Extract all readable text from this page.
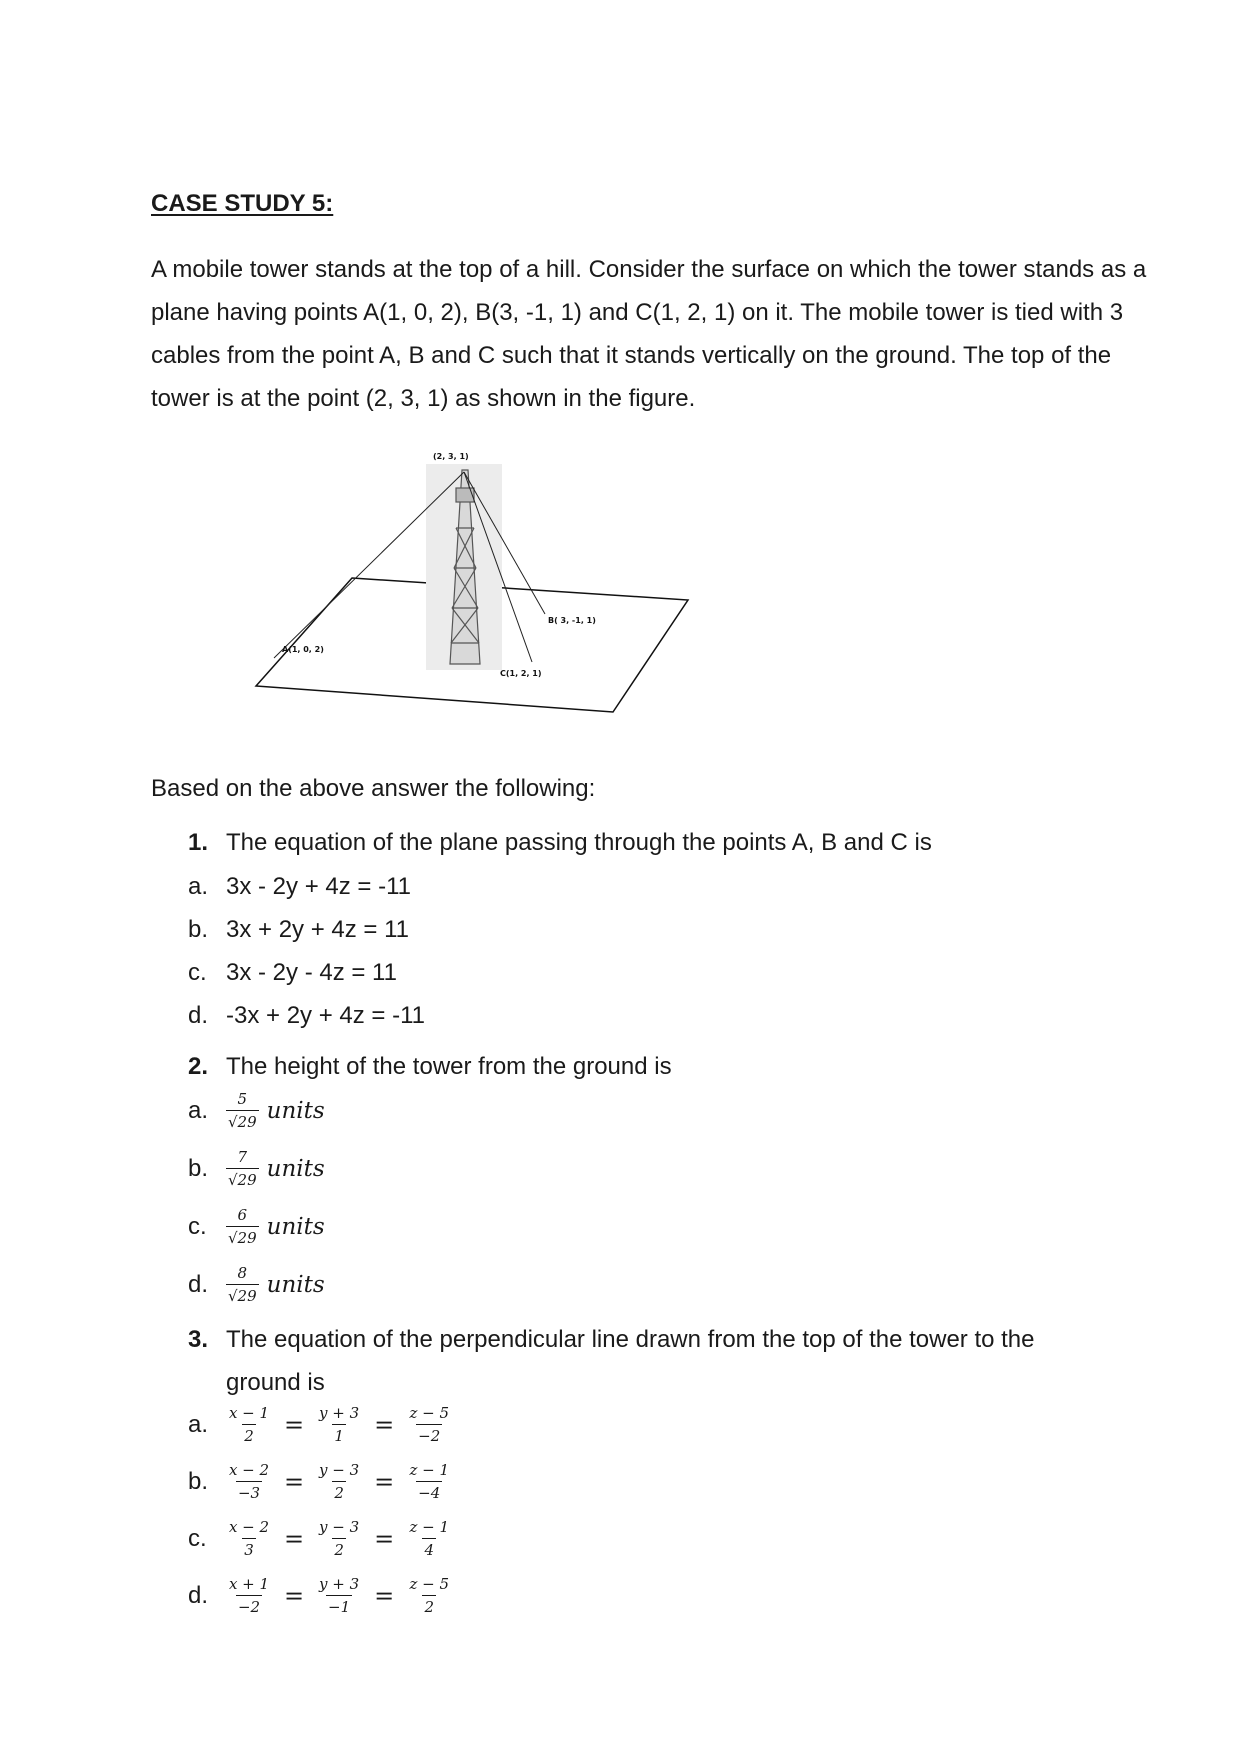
CASE STUDY 5:

A mobile tower stands at the top of a hill. Consider the surface on which the tower stands as a plane having points A(1, 0, 2), B(3, -1, 1) and C(1, 2, 1) on it. The mobile tower is tied with 3 cables from the point A, B and C such that it stands vertically on the ground. The top of the tower is at the point (2, 3, 1) as shown in the figure.

(2, 3, 1)
A(1, 0, 2)
B( 3, -1, 1)
C(1, 2, 1)

Based on the above answer the following:

1. The equation of the plane passing through the points A, B and C is
a. 3x - 2y + 4z = -11
b. 3x + 2y + 4z = 11
c. 3x - 2y - 4z = 11
d. -3x + 2y + 4z = -11
2. The height of the tower from the ground is
a.	$\frac{5}{√29}$ units
b.	$\frac{7}{√29}$ units
c.	$\frac{6}{√29}$ units
d.	$\frac{8}{√29}$ units
3. The equation of the perpendicular line drawn from the top of the tower to the ground is
a.	$\frac{x - 1}{2} = \frac{y + 3}{1} = \frac{z - 5}{-2}$
b.	$\frac{x - 2}{-3} = \frac{y - 3}{2} = \frac{z - 1}{-4}$
c.	$\frac{x - 2}{3} = \frac{y - 3}{2} = \frac{z - 1}{4}$
d.	$\frac{x + 1}{-2} = \frac{y + 3}{-1} = \frac{z - 5}{2}$
